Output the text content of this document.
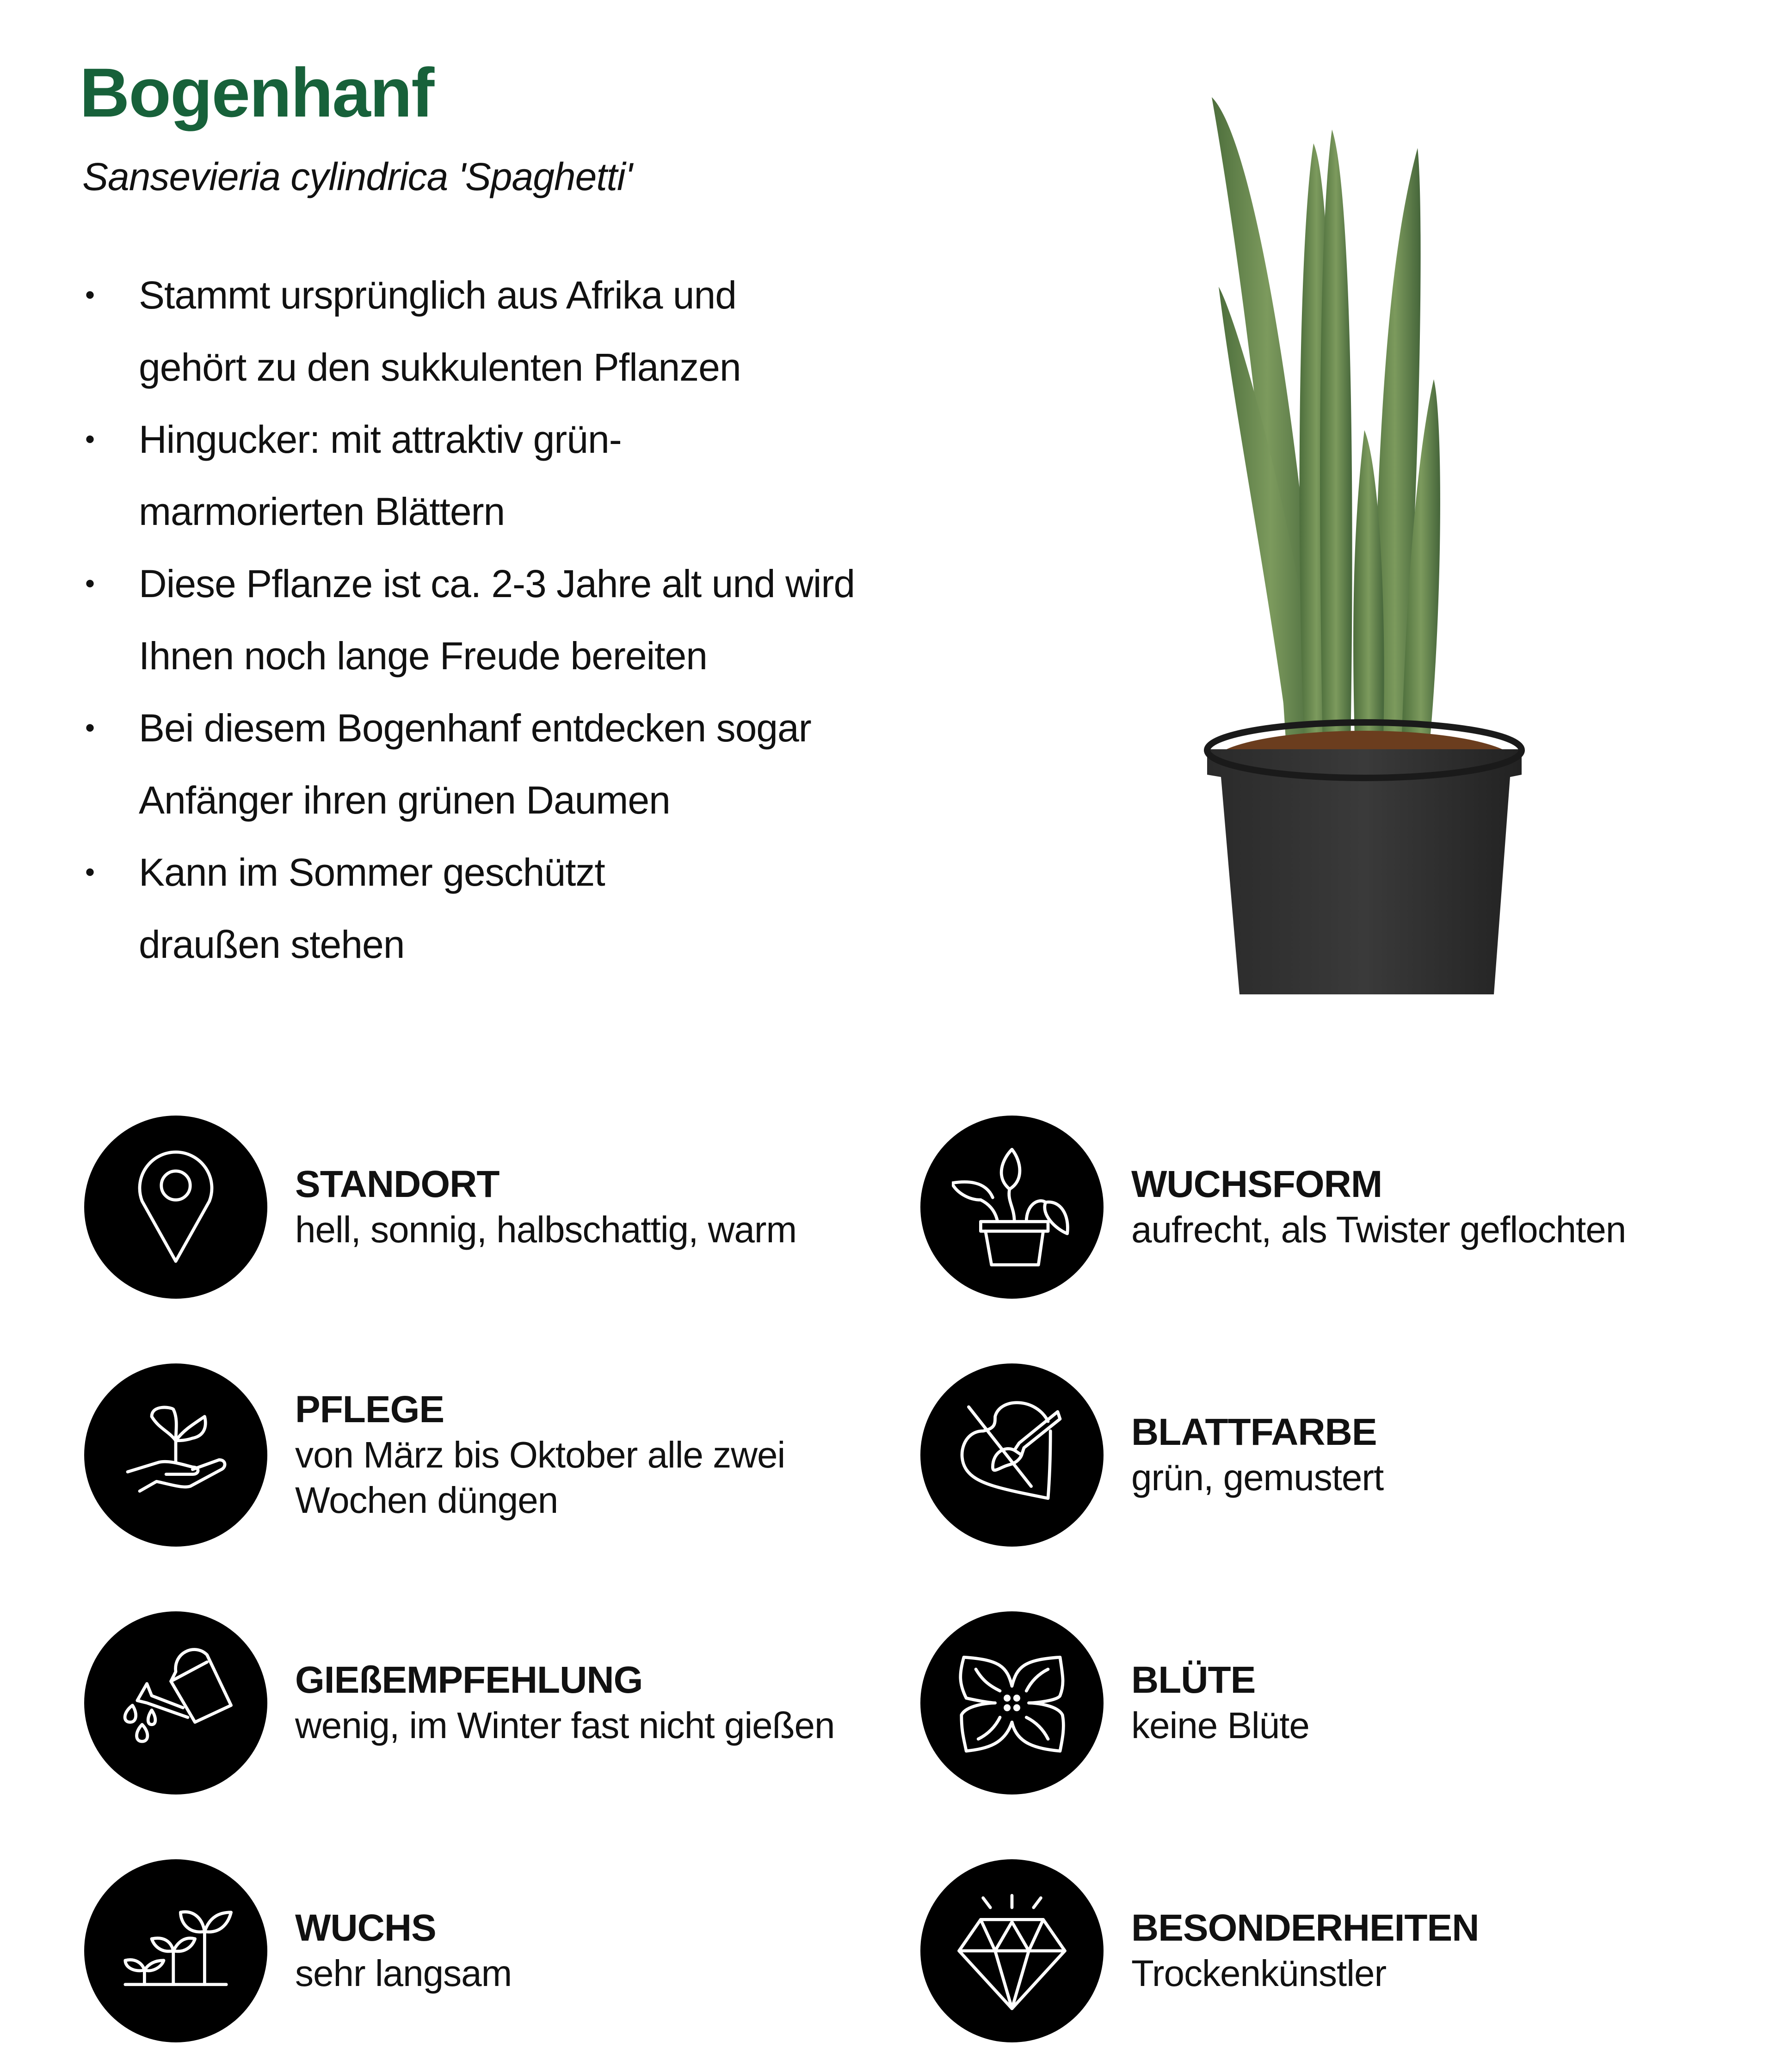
Bogenhanf
Sansevieria cylindrica 'Spaghetti'
• Stammt ursprünglich aus Afrika und
gehört zu den sukkulenten Pflanzen
• Hingucker: mit attraktiv grün-
marmorierten Blättern
• Diese Pflanze ist ca. 2-3 Jahre alt und wird
Ihnen noch lange Freude bereiten
• Bei diesem Bogenhanf entdecken sogar
Anfänger ihren grünen Daumen
• Kann im Sommer geschützt
draußen stehen
STANDORT
hell, sonnig, halbschattig, warm
WUCHSFORM
aufrecht, als Twister geflochten
PFLEGE
von März bis Oktober alle zwei
Wochen düngen
BLATTFARBE
grün, gemustert
GIEßEMPFEHLUNG
wenig, im Winter fast nicht gießen
BLÜTE
keine Blüte
WUCHS
sehr langsam
BESONDERHEITEN
Trockenkünstler
